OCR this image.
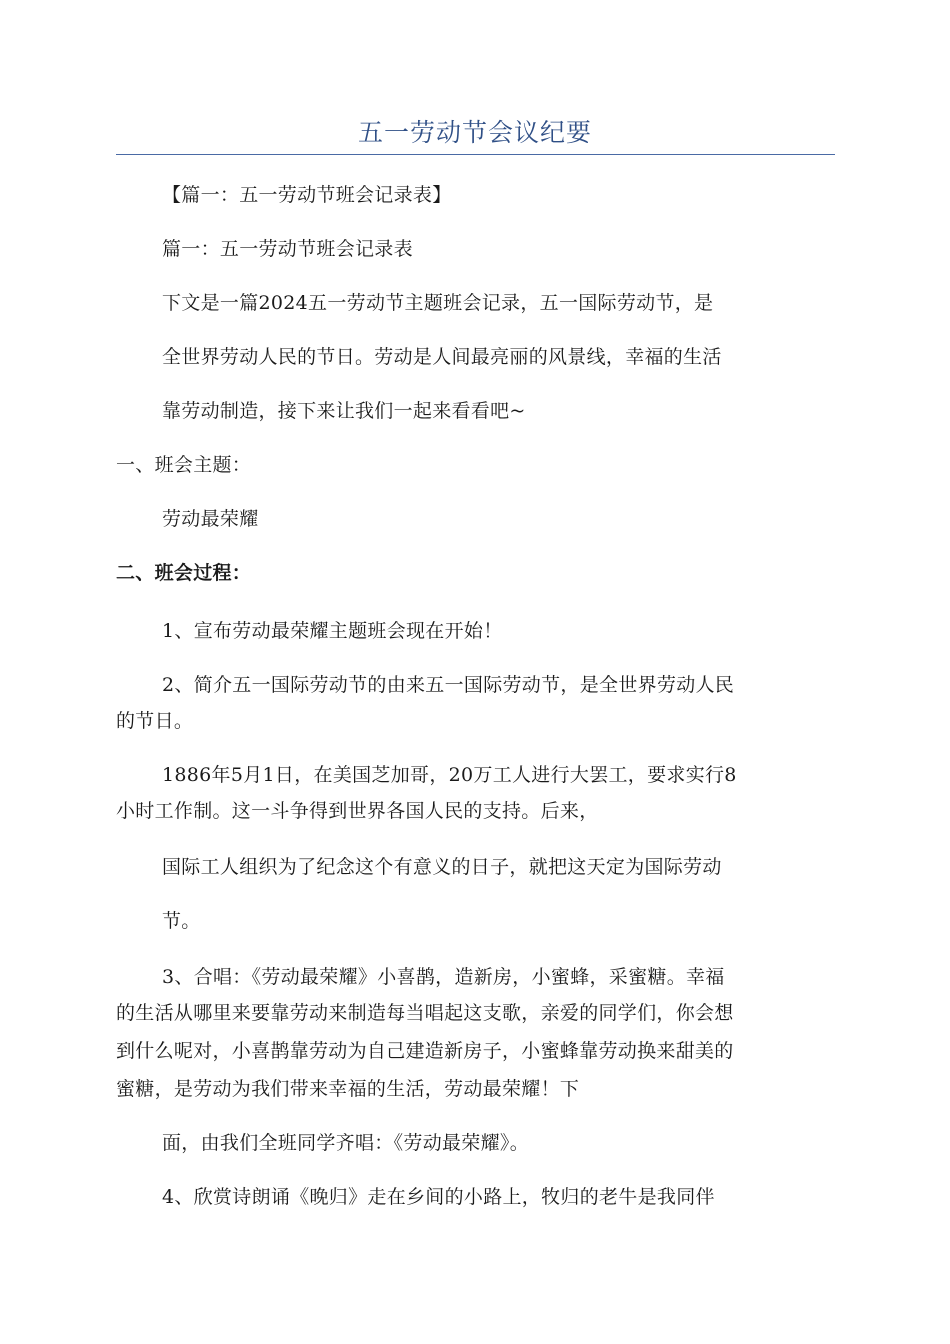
五一劳动节会议纪要
【篇一：五一劳动节班会记录表】
篇一：五一劳动节班会记录表
下文是一篇2024五一劳动节主题班会记录，五一国际劳动节，是
全世界劳动人民的节日。劳动是人间最亮丽的风景线，幸福的生活
靠劳动制造，接下来让我们一起来看看吧~
一、班会主题：
劳动最荣耀
二、班会过程：
1、宣布劳动最荣耀主题班会现在开始！
2、简介五一国际劳动节的由来五一国际劳动节，是全世界劳动人民
的节日。
1886年5月1日，在美国芝加哥，20万工人进行大罢工，要求实行8
小时工作制。这一斗争得到世界各国人民的支持。后来，
国际工人组织为了纪念这个有意义的日子，就把这天定为国际劳动
节。
3、合唱：《劳动最荣耀》小喜鹊，造新房，小蜜蜂，采蜜糖。幸福
的生活从哪里来要靠劳动来制造每当唱起这支歌，亲爱的同学们，你会想
到什么呢对，小喜鹊靠劳动为自己建造新房子，小蜜蜂靠劳动换来甜美的
蜜糖，是劳动为我们带来幸福的生活，劳动最荣耀！下
面，由我们全班同学齐唱：《劳动最荣耀》。
4、欣赏诗朗诵《晚归》走在乡间的小路上，牧归的老牛是我同伴
